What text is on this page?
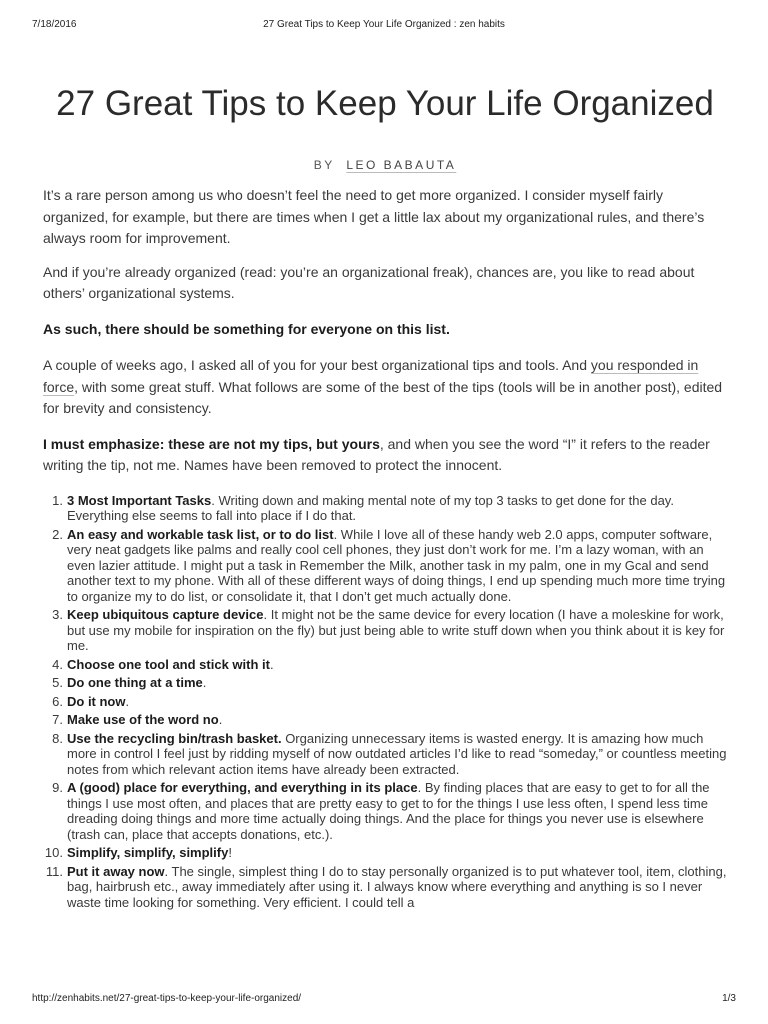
7/18/2016	27 Great Tips to Keep Your Life Organized : zen habits
27 Great Tips to Keep Your Life Organized
BY LEO BABAUTA

It’s a rare person among us who doesn’t feel the need to get more organized. I consider myself fairly organized, for example, but there are times when I get a little lax about my organizational rules, and there’s always room for improvement.

And if you’re already organized (read: you’re an organizational freak), chances are, you like to read about others’ organizational systems.

As such, there should be something for everyone on this list.

A couple of weeks ago, I asked all of you for your best organizational tips and tools. And you responded in force, with some great stuff. What follows are some of the best of the tips (tools will be in another post), edited for brevity and consistency.

I must emphasize: these are not my tips, but yours, and when you see the word “I” it refers to the reader writing the tip, not me. Names have been removed to protect the innocent.

1. 3 Most Important Tasks. Writing down and making mental note of my top 3 tasks to get done for the day. Everything else seems to fall into place if I do that.
2. An easy and workable task list, or to do list. While I love all of these handy web 2.0 apps, computer software, very neat gadgets like palms and really cool cell phones, they just don’t work for me. I’m a lazy woman, with an even lazier attitude. I might put a task in Remember the Milk, another task in my palm, one in my Gcal and send another text to my phone. With all of these different ways of doing things, I end up spending much more time trying to organize my to do list, or consolidate it, that I don’t get much actually done.
3. Keep ubiquitous capture device. It might not be the same device for every location (I have a moleskine for work, but use my mobile for inspiration on the fly) but just being able to write stuff down when you think about it is key for me.
4. Choose one tool and stick with it.
5. Do one thing at a time.
6. Do it now.
7. Make use of the word no.
8. Use the recycling bin/trash basket. Organizing unnecessary items is wasted energy. It is amazing how much more in control I feel just by ridding myself of now outdated articles I’d like to read “someday,” or countless meeting notes from which relevant action items have already been extracted.
9. A (good) place for everything, and everything in its place. By finding places that are easy to get to for all the things I use most often, and places that are pretty easy to get to for the things I use less often, I spend less time dreading doing things and more time actually doing things. And the place for things you never use is elsewhere (trash can, place that accepts donations, etc.).
10. Simplify, simplify, simplify!
11. Put it away now. The single, simplest thing I do to stay personally organized is to put whatever tool, item, clothing, bag, hairbrush etc., away immediately after using it. I always know where everything and anything is so I never waste time looking for something. Very efficient. I could tell a
http://zenhabits.net/27-great-tips-to-keep-your-life-organized/	1/3
